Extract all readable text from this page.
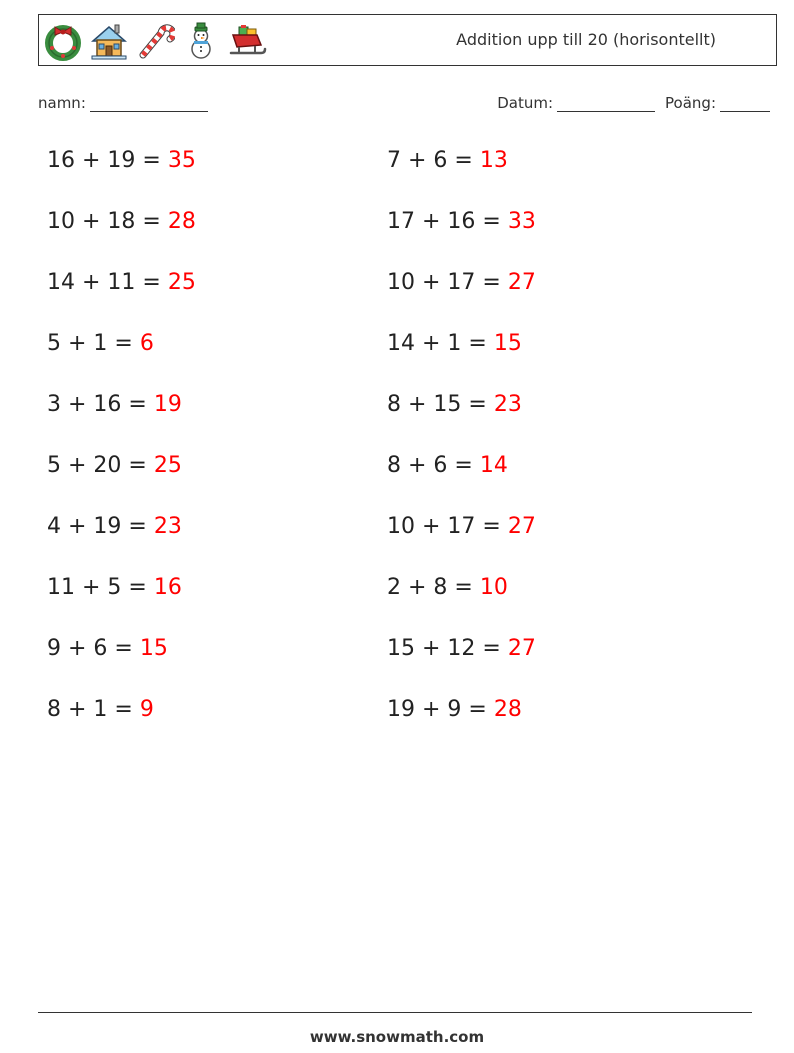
Addition upp till 20 (horisontellt)
namn:	Datum:	Poäng:
16 + 19 = 35	7 + 6 = 13
10 + 18 = 28	17 + 16 = 33
14 + 11 = 25	10 + 17 = 27
5 + 1 = 6	14 + 1 = 15
3 + 16 = 19	8 + 15 = 23
5 + 20 = 25	8 + 6 = 14
4 + 19 = 23	10 + 17 = 27
11 + 5 = 16	2 + 8 = 10
9 + 6 = 15	15 + 12 = 27
8 + 1 = 9	19 + 9 = 28
www.snowmath.com
